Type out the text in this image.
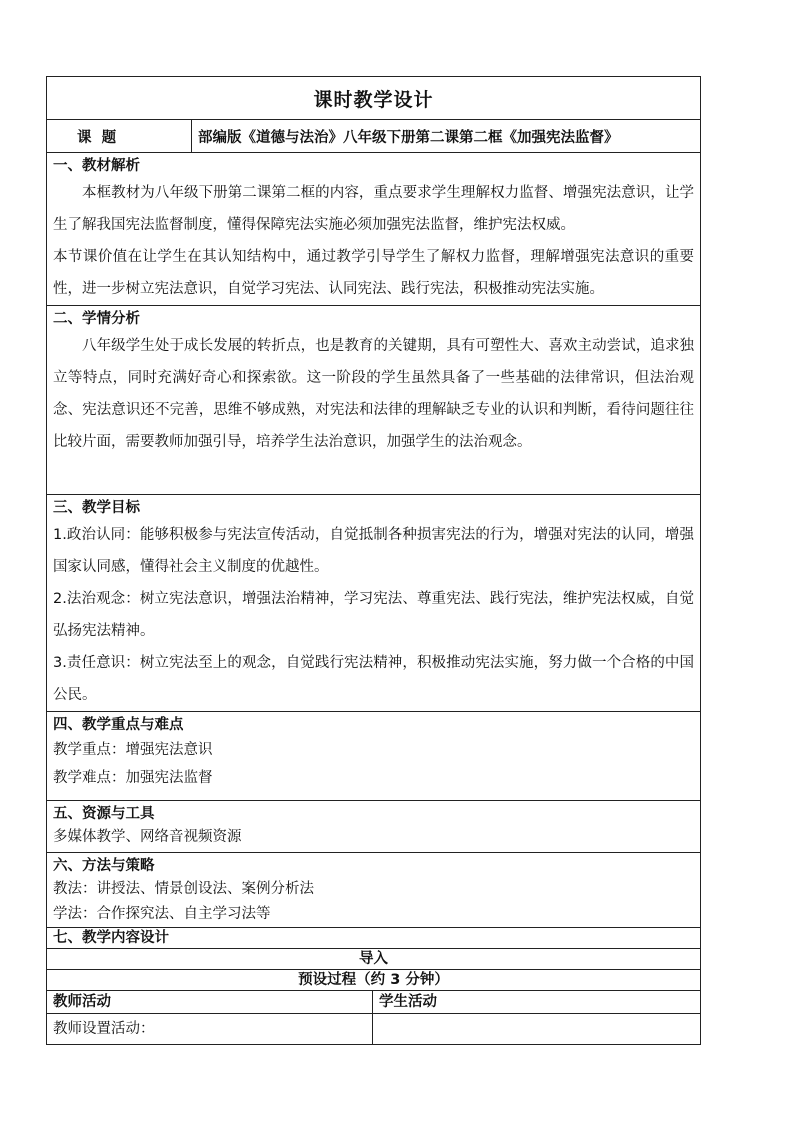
课时教学设计		
课  题	部编版《道德与法治》八年级下册第二课第二框《加强宪法监督》	

一、教材解析
本框教材为八年级下册第二课第二框的内容，重点要求学生理解权力监督、增强宪法意识，让学生了解我国宪法监督制度，懂得保障宪法实施必须加强宪法监督，维护宪法权威。
本节课价值在让学生在其认知结构中，通过教学引导学生了解权力监督，理解增强宪法意识的重要性，进一步树立宪法意识，自觉学习宪法、认同宪法、践行宪法，积极推动宪法实施。		

二、学情分析
八年级学生处于成长发展的转折点，也是教育的关键期，具有可塑性大、喜欢主动尝试，追求独立等特点，同时充满好奇心和探索欲。这一阶段的学生虽然具备了一些基础的法律常识，但法治观念、宪法意识还不完善，思维不够成熟，对宪法和法律的理解缺乏专业的认识和判断，看待问题往往比较片面，需要教师加强引导，培养学生法治意识，加强学生的法治观念。		

三、教学目标
1.政治认同：能够积极参与宪法宣传活动，自觉抵制各种损害宪法的行为，增强对宪法的认同，增强国家认同感，懂得社会主义制度的优越性。
2.法治观念：树立宪法意识，增强法治精神，学习宪法、尊重宪法、践行宪法，维护宪法权威，自觉弘扬宪法精神。
3.责任意识：树立宪法至上的观念，自觉践行宪法精神，积极推动宪法实施，努力做一个合格的中国公民。		

四、教学重点与难点
教学重点：增强宪法意识
教学难点：加强宪法监督		

五、资源与工具
多媒体教学、网络音视频资源		

六、方法与策略
教法：讲授法、情景创设法、案例分析法
学法：合作探究法、自主学习法等		

七、教学内容设计		

导入		
预设过程（约 3 分钟）		
教师活动		学生活动
教师设置活动：		
